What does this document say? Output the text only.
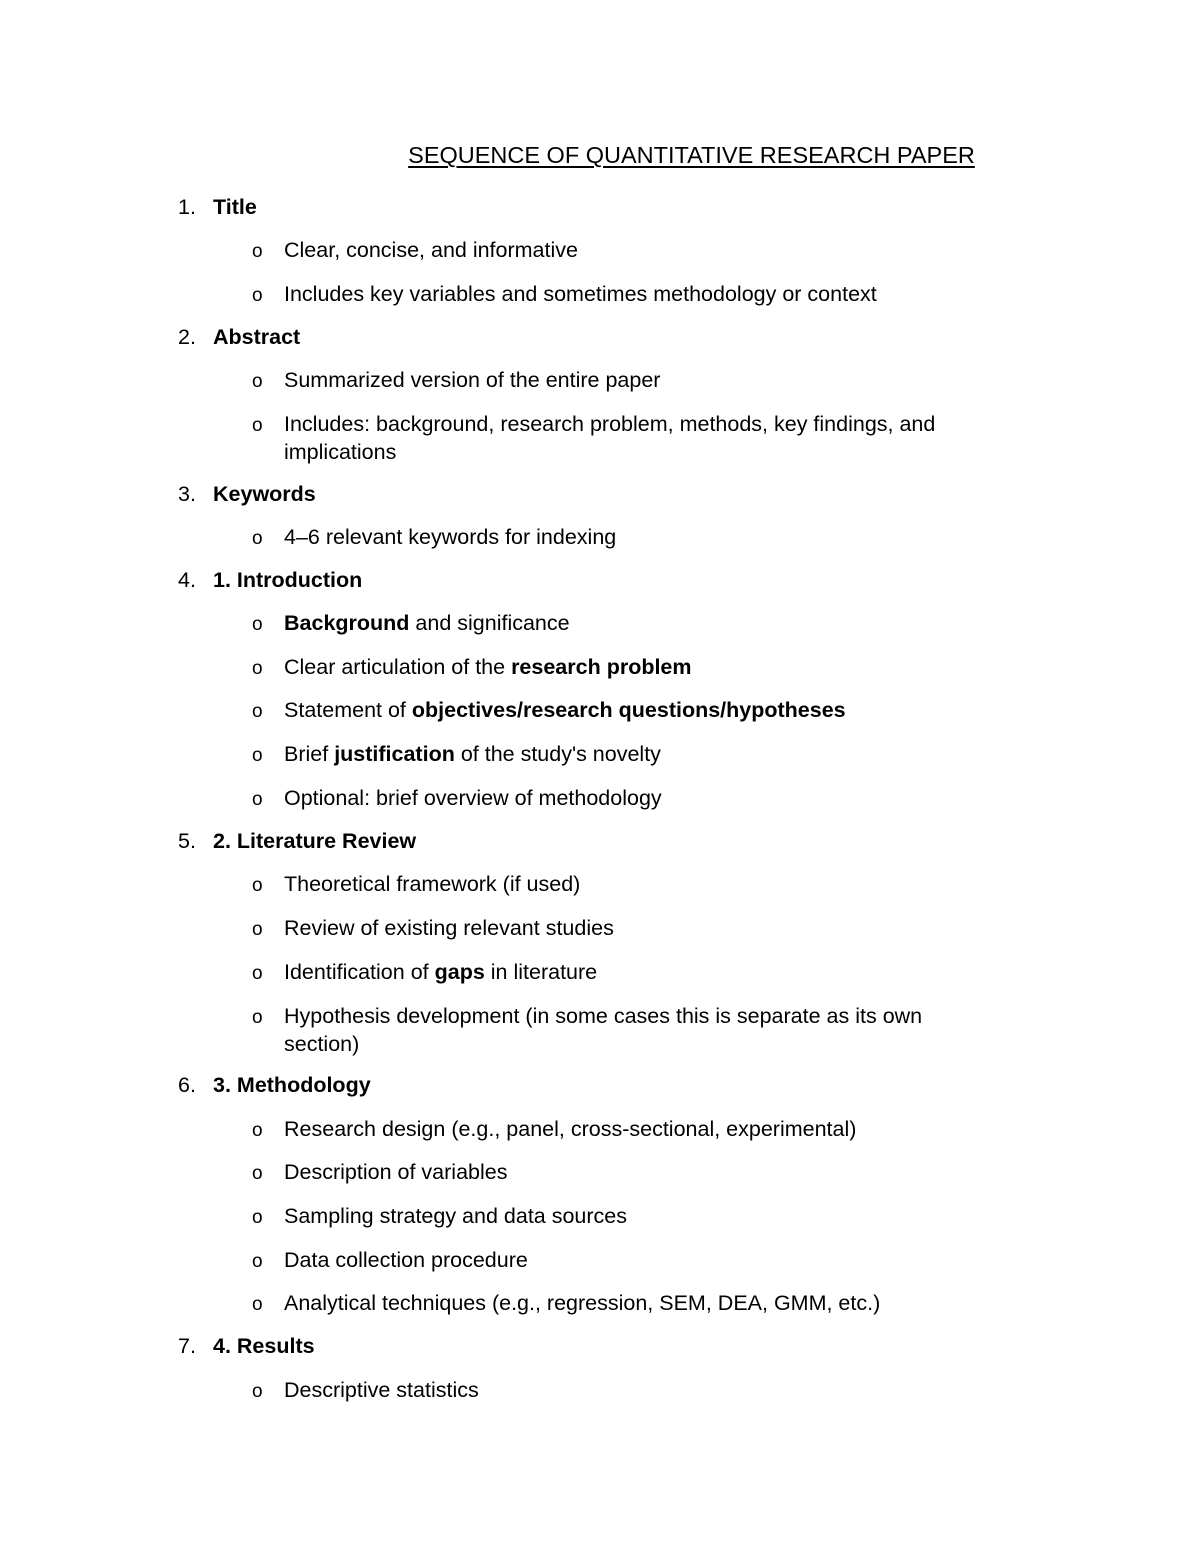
SEQUENCE OF QUANTITATIVE RESEARCH PAPER
1. Title
o Clear, concise, and informative
o Includes key variables and sometimes methodology or context
2. Abstract
o Summarized version of the entire paper
o Includes: background, research problem, methods, key findings, and
implications
3. Keywords
o 4–6 relevant keywords for indexing
4. 1. Introduction
o Background and significance
o Clear articulation of the research problem
o Statement of objectives/research questions/hypotheses
o Brief justification of the study's novelty
o Optional: brief overview of methodology
5. 2. Literature Review
o Theoretical framework (if used)
o Review of existing relevant studies
o Identification of gaps in literature
o Hypothesis development (in some cases this is separate as its own
section)
6. 3. Methodology
o Research design (e.g., panel, cross-sectional, experimental)
o Description of variables
o Sampling strategy and data sources
o Data collection procedure
o Analytical techniques (e.g., regression, SEM, DEA, GMM, etc.)
7. 4. Results
o Descriptive statistics
